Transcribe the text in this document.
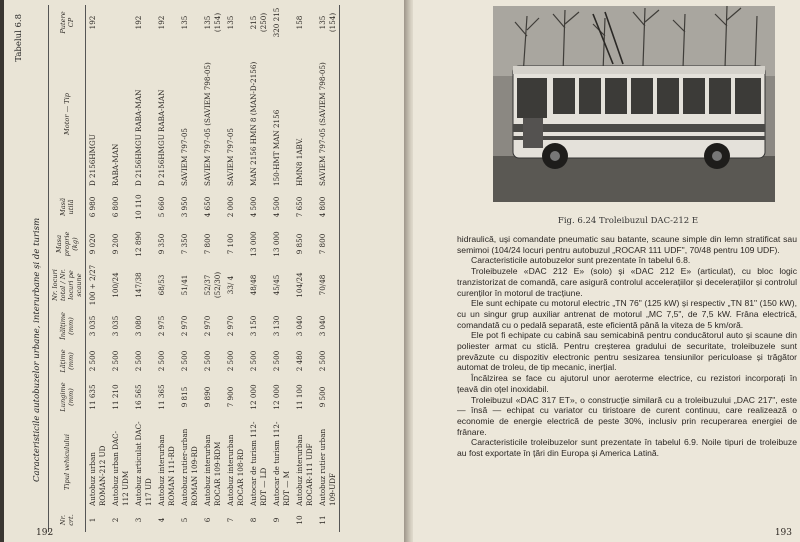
Tabelul 6.8
Caracteristicile autobuzelor urbane, interurbane și de turism
Nr. crt.	Tipul vehiculului	Lungime (mm)	Lățime (mm)	Înălțime (mm)	Nr. locuri total / Nr. locuri pe scaune	Masa proprie (kg)	Masă utilă	Motor — Tip	Putere CP
1	Autobuz urban ROMAN-212 UD	11 635	2 500	3 035	100 + 2/27	9 020	6 980	D 2156HMGU	192
2	Autobuz urban DAC-112 UDM	11 210	2 500	3 035	100/24	9 200	6 800	RABA-MAN	
3	Autobuz articulat DAC-117 UD	16 565	2 500	3 080	147/38	12 890	10 110	D 2156HMGU RABA-MAN	192
4	Autobuz interurban ROMAN 111-RD	11 365	2 500	2 975	68/53	9 350	5 660	D 2156HMGU RABA-MAN	192
5	Autobuz rutier-urban ROMAN 109-RD	9 815	2 500	2 970	51/41	7 350	3 950	SAVIEM 797-05	135
6	Autobuz interurban ROCAR 109-RDM	9 890	2 500	2 970	52/37 (52/30)	7 800	4 650	SAVIEM 797-05 (SAVIEM 798-05)	135 (154)
7	Autobuz interurban ROCAR 108-RD	7 900	2 500	2 970	33/ 4	7 100	2 000	SAVIEM 797-05	135
8	Autocar de turism 112-RDT — LD	12 000	2 500	3 150	48/48	13 000	4 500	MAN 2156 HMN 8 (MAN-D-2156)	215 (250)
9	Autocar de turism 112-RDT — M	12 000	2 500	3 130	45/45	13 000	4 500	150-HMT MAN 2156	320 215
10	Autobuz interurban ROCAR-111 UDF	11 100	2 480	3 040	104/24	9 850	7 650	HMN8 1ABV.	158
11	Autobuz rutier urban 109-UDF	9 500	2 500	3 040	70/48	7 800	4 800	SAVIEM 797-05 (SAVIEM 798-05)	135 (154)
192
Fig. 6.24 Troleibuzul DAC-212 E

hidraulică, uși comandate pneumatic sau batante, scaune simple din lemn stratificat sau semimoi (104/24 locuri pentru autobuzul „ROCAR 111 UDF", 70/48 pentru 109 UDF).

Caracteristicile autobuzelor sunt prezentate în tabelul 6.8.

Troleibuzele «DAC 212 E» (solo) și «DAC 212 E» (articulat), cu bloc logic tranzistorizat de comandă, care asigură controlul accelerațiilor și decelerațiilor și controlul curenților în motorul de tracțiune.

Ele sunt echipate cu motorul electric „TN 76" (125 kW) și respectiv „TN 81" (150 kW), cu un singur grup auxiliar antrenat de motorul „MC 7,5", de 7,5 kW. Frâna electrică, comandată cu o pedală separată, este eficientă până la viteza de 5 km/oră.

Ele pot fi echipate cu cabină sau semicabină pentru conducătorul auto și scaune din poliester armat cu sticlă. Pentru creșterea gradului de securitate, troleibuzele sunt prevăzute cu dispozitiv electronic pentru sesizarea tensiunilor periculoase și trăgător automat de troleu, de tip mecanic, inerțial.

Încălzirea se face cu ajutorul unor aeroterme electrice, cu rezistori incorporați în țeavă din oțel inoxidabil.

Troleibuzul «DAC 317 ET», o construcție similară cu a troleibuzului „DAC 217", este — însă — echipat cu variator cu tiristoare de curent continuu, care realizează o economie de energie electrică de peste 30%, inclusiv prin recuperarea energiei de frânare.

Caracteristicile troleibuzelor sunt prezentate în tabelul 6.9. Noile tipuri de troleibuze au fost exportate în țări din Europa și America Latină.

193
